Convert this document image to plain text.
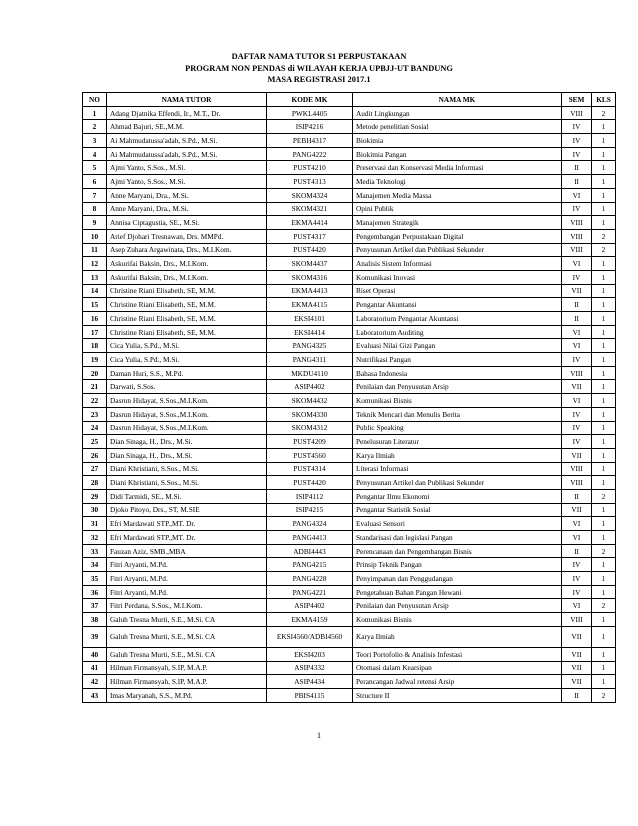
DAFTAR NAMA TUTOR S1 PERPUSTAKAAN
PROGRAM NON PENDAS di WILAYAH KERJA UPBJJ-UT BANDUNG
MASA REGISTRASI 2017.1
NO	NAMA TUTOR	KODE MK	NAMA MK	SEM	KLS
1	Adang Djatnika Effendi, Ir., M.T., Dr.	PWKL4405	Audit Lingkungan	VIII	2
2	Ahmad Bajuri, SE.,M.M.	ISIP4216	Metode penelitian Sosial	IV	1
3	Ai Mahmudatussa'adah, S.Pd., M.Si.	PEBH4317	Biokimia	IV	1
4	Ai Mahmudatussa'adah, S.Pd., M.Si.	PANG4222	Biokimia Pangan	IV	1
5	Ajmi Yanto, S.Sos., M.Si.	PUST4210	Preservasi dan Konservasi Media Informasi	II	1
6	Ajmi Yanto, S.Sos., M.Si.	PUST4313	Media Teknologi	II	1
7	Anne Maryani, Dra., M.Si.	SKOM4324	Manajemen Media Massa	VI	1
8	Anne Maryani, Dra., M.Si.	SKOM4321	Opini Publik	IV	1
9	Annisa Ciptagustia, SE., M.Si.	EKMA4414	Manajemen Strategik	VIII	1
10	Arief Djohari Tresnawan, Drs. MMPd.	PUST4317	Pengembangan Perpustakaan Digital	VIII	2
11	Asep Zuhara Argawinata, Drs., M.I.Kom.	PUST4420	Penyusunan Artikel dan Publikasi Sekunder	VIII	2
12	Askurifai Baksin, Drs., M.I.Kom.	SKOM4437	Analisis Sistem Informasi	VI	1
13	Askurifai Baksin, Drs., M.I.Kom.	SKOM4316	Komunikasi Inovasi	IV	1
14	Christine Riani Elisabeth, SE, M.M.	EKMA4413	Riset Operasi	VII	1
15	Christine Riani Elisabeth, SE, M.M.	EKMA4115	Pengantar Akuntansi	II	1
16	Christine Riani Elisabeth, SE, M.M.	EKSI4101	Laboratorium Pengantar Akuntansi	II	1
17	Christine Riani Elisabeth, SE, M.M.	EKSI4414	Laboratorium Auditing	VI	1
18	Cica Yulia, S.Pd., M.Si.	PANG4325	Evaluasi Nilai Gizi Pangan	VI	1
19	Cica Yulia, S.Pd., M.Si.	PANG4311	Nutrifikasi Pangan	IV	1
20	Daman Huri, S.S., M.Pd.	MKDU4110	Bahasa Indonesia	VIII	1
21	Darwati, S.Sos.	ASIP4402	Penilaian dan Penyusutan Arsip	VII	1
22	Dasrun Hidayat, S.Sos.,M.I.Kom.	SKOM4432	Komunikasi Bisnis	VI	1
23	Dasrun Hidayat, S.Sos.,M.I.Kom.	SKOM4330	Teknik Mencari dan Menulis Berita	IV	1
24	Dasrun Hidayat, S.Sos.,M.I.Kom.	SKOM4312	Public Speaking	IV	1
25	Dian Sinaga, H., Drs., M.Si.	PUST4209	Penelusuran Literatur	IV	1
26	Dian Sinaga, H., Drs., M.Si.	PUST4560	Karya Ilmiah	VII	1
27	Diani Khristiani, S.Sos., M.Si.	PUST4314	Literasi Informasi	VIII	1
28	Diani Khristiani, S.Sos., M.Si.	PUST4420	Penyusunan Artikel dan Publikasi Sekunder	VIII	1
29	Didi Tarmidi, SE., M.Si.	ISIP4112	Pengantar Ilmu Ekonomi	II	2
30	Djoko Pitoyo, Drs., ST, M.SIE	ISIP4215	Pengantar Statistik Sosial	VII	1
31	Efri Mardawati STP.,MT. Dr.	PANG4324	Evaluasi Sensori	VI	1
32	Efri Mardawati STP.,MT. Dr.	PANG4413	Standarisasi dan legislasi Pangan	VI	1
33	Fauzan Aziz, SMB.,MBA	ADBI4443	Perencanaan dan Pengembangan Bisnis	II	2
34	Fitri Aryanti, M.Pd.	PANG4215	Prinsip Teknik Pangan	IV	1
35	Fitri Aryanti, M.Pd.	PANG4228	Penyimpanan dan Penggudangan	IV	1
36	Fitri Aryanti, M.Pd.	PANG4221	Pengetahuan Bahan Pangan Hewani	IV	1
37	Fitri Perdana, S.Sos., M.I.Kom.	ASIP4402	Penilaian dan Penyusutan Arsip	VI	2
38	Galuh Tresna Murti, S.E., M.Si. CA	EKMA4159	Komunikasi Bisnis	VIII	1
39	Galuh Tresna Murti, S.E., M.Si. CA	EKSI4560/ADBI4560	Karya Ilmiah	VII	1
40	Galuh Tresna Murti, S.E., M.Si. CA	EKSI4203	Teori Portofolio & Analisis Infestasi	VII	1
41	Hilman Firmansyah, S.IP, M.A.P.	ASIP4332	Otomasi dalam Kearsipan	VII	1
42	Hilman Firmansyah, S.IP, M.A.P.	ASIP4434	Perancangan Jadwal retensi Arsip	VII	1
43	Imas Maryanah, S.S., M.Pd.	PBIS4115	Structure II	II	2
1
